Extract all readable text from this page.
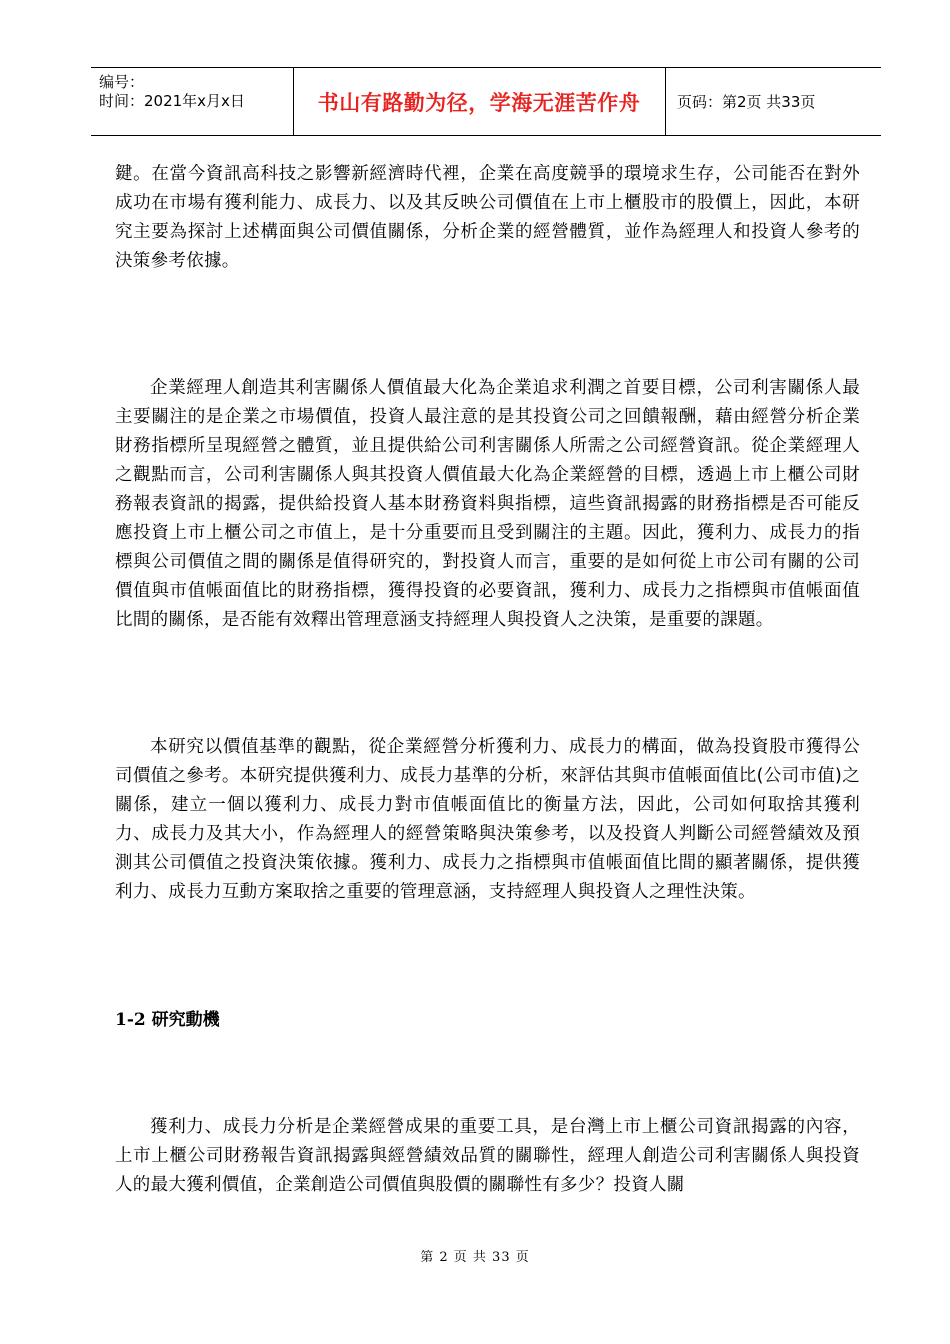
编号：
时间：2021年x月x日	书山有路勤为径，学海无涯苦作舟	页码：第2页 共33页

鍵。在當今資訊高科技之影響新經濟時代裡，企業在高度競爭的環境求生存，公司能否在對外成功在市場有獲利能力、成長力、以及其反映公司價值在上市上櫃股市的股價上，因此，本研究主要為探討上述構面與公司價值關係，分析企業的經營體質，並作為經理人和投資人參考的決策參考依據。

企業經理人創造其利害關係人價值最大化為企業追求利潤之首要目標，公司利害關係人最主要關注的是企業之市場價值，投資人最注意的是其投資公司之回饋報酬，藉由經營分析企業財務指標所呈現經營之體質，並且提供給公司利害關係人所需之公司經營資訊。從企業經理人之觀點而言，公司利害關係人與其投資人價值最大化為企業經營的目標，透過上市上櫃公司財務報表資訊的揭露，提供給投資人基本財務資料與指標，這些資訊揭露的財務指標是否可能反應投資上市上櫃公司之市值上，是十分重要而且受到關注的主題。因此，獲利力、成長力的指標與公司價值之間的關係是值得研究的，對投資人而言，重要的是如何從上市公司有關的公司價值與市值帳面值比的財務指標，獲得投資的必要資訊，獲利力、成長力之指標與市值帳面值比間的關係，是否能有效釋出管理意涵支持經理人與投資人之決策，是重要的課題。

本研究以價值基準的觀點，從企業經營分析獲利力、成長力的構面，做為投資股市獲得公司價值之參考。本研究提供獲利力、成長力基準的分析，來評估其與市值帳面值比(公司市值)之關係，建立一個以獲利力、成長力對市值帳面值比的衡量方法，因此，公司如何取捨其獲利力、成長力及其大小，作為經理人的經營策略與決策參考，以及投資人判斷公司經營績效及預測其公司價值之投資決策依據。獲利力、成長力之指標與市值帳面值比間的顯著關係，提供獲利力、成長力互動方案取捨之重要的管理意涵，支持經理人與投資人之理性決策。

1-2 研究動機

獲利力、成長力分析是企業經營成果的重要工具，是台灣上市上櫃公司資訊揭露的內容，上市上櫃公司財務報告資訊揭露與經營績效品質的關聯性，經理人創造公司利害關係人與投資人的最大獲利價值，企業創造公司價值與股價的關聯性有多少？投資人關

第 2 页 共 33 页
